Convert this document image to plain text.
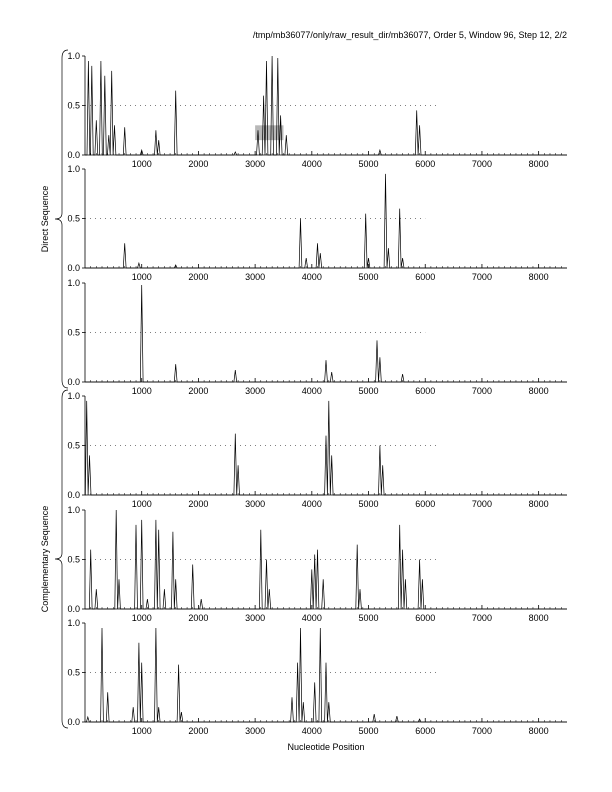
/tmp/mb36077/only/raw_result_dir/mb36077, Order 5, Window 96, Step 12, 2/2
0.0
0.5
1.0
1000	2000	3000	4000	5000	6000	7000	8000
0.0
0.5
1.0
1000	2000	3000	4000	5000	6000	7000	8000
0.0
0.5
1.0
1000	2000	3000	4000	5000	6000	7000	8000
0.0
0.5
1.0
1000	2000	3000	4000	5000	6000	7000	8000
0.0
0.5
1.0
1000	2000	3000	4000	5000	6000	7000	8000
0.0
0.5
1.0
1000	2000	3000	4000	5000	6000	7000	8000
Direct Sequence
Complementary Sequence
Nucleotide Position
